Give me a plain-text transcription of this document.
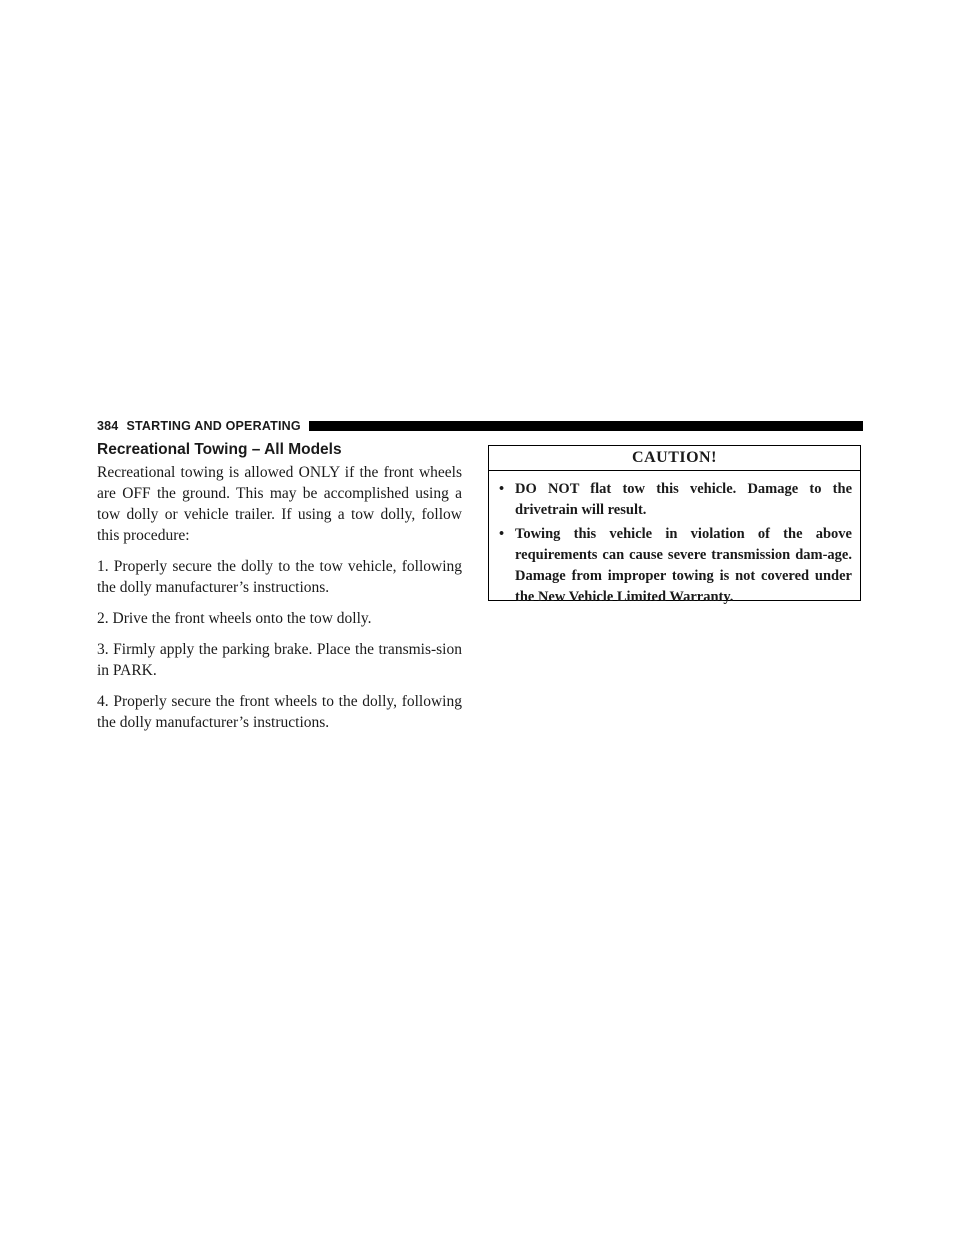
384 STARTING AND OPERATING
Recreational Towing – All Models

Recreational towing is allowed ONLY if the front wheels are OFF the ground. This may be accomplished using a tow dolly or vehicle trailer. If using a tow dolly, follow this procedure:

1. Properly secure the dolly to the tow vehicle, following the dolly manufacturer’s instructions.

2. Drive the front wheels onto the tow dolly.

3. Firmly apply the parking brake. Place the transmis-sion in PARK.

4. Properly secure the front wheels to the dolly, following the dolly manufacturer’s instructions.

CAUTION!
• DO NOT flat tow this vehicle. Damage to the drivetrain will result.
• Towing this vehicle in violation of the above requirements can cause severe transmission dam-age. Damage from improper towing is not covered under the New Vehicle Limited Warranty.
